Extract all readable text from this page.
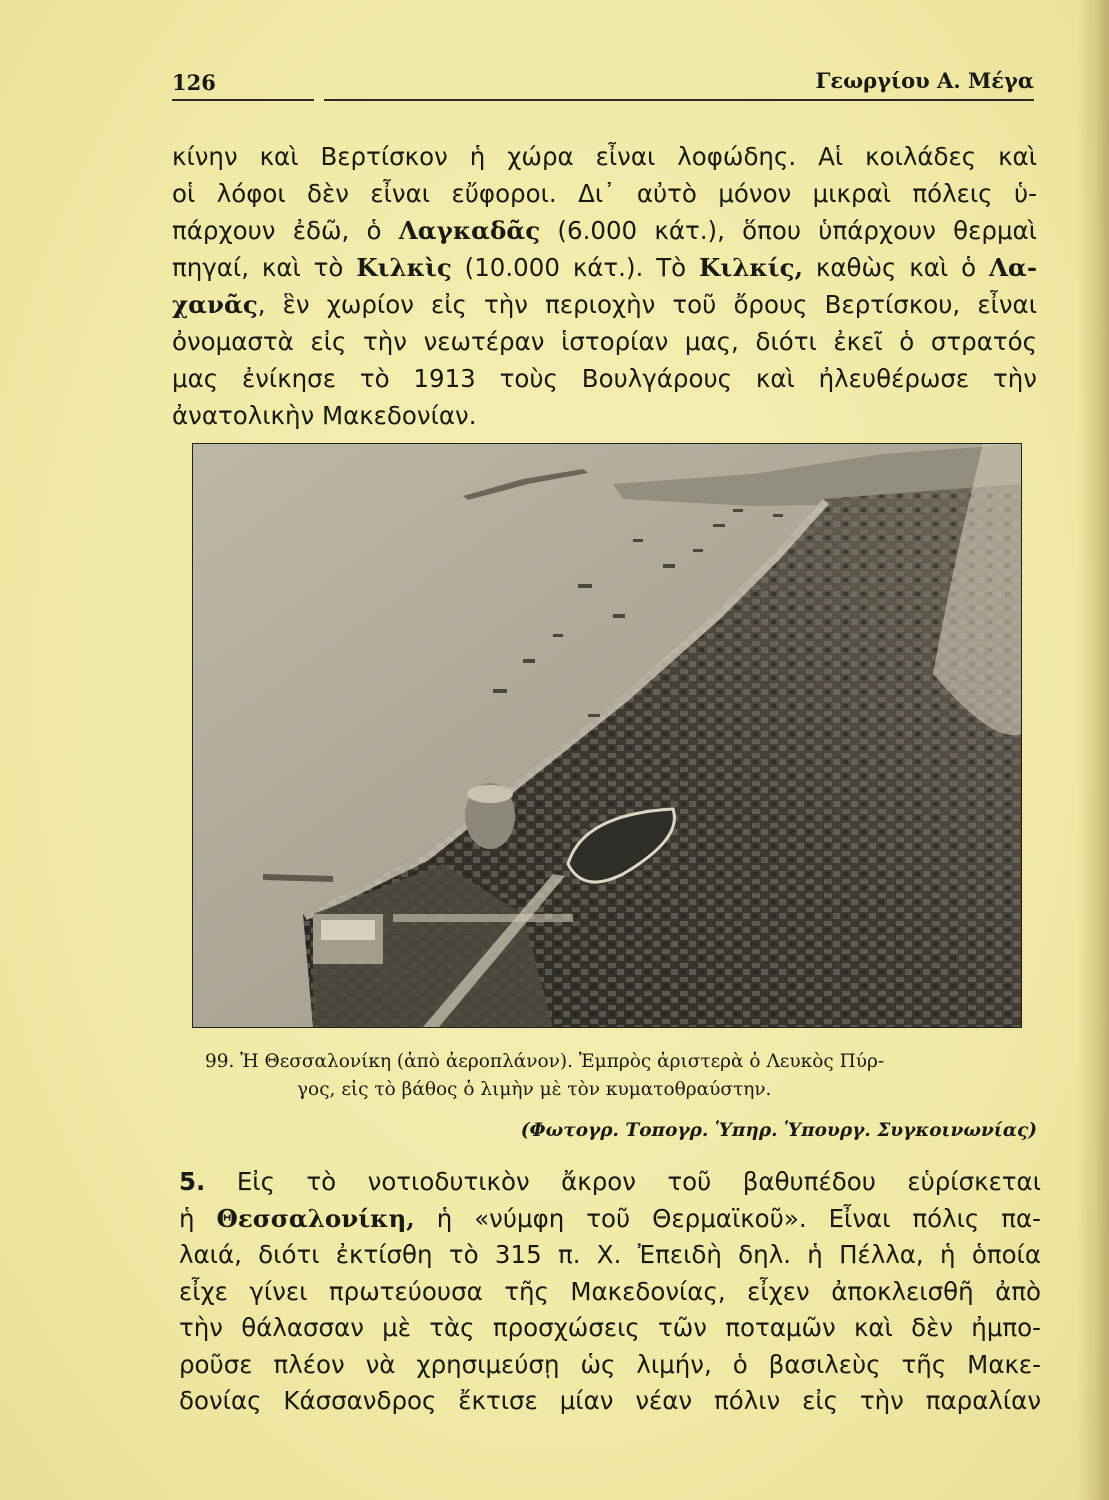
126	Γεωργίου Α. Μέγα
κίνην καὶ Βερτίσκον ἡ χώρα εἶναι λοφώδης. Αἱ κοιλάδες καὶ
οἱ λόφοι δὲν εἶναι εὔφοροι. Δι᾿ αὐτὸ μόνον μικραὶ πόλεις ὑ-
πάρχουν ἐδῶ, ὁ Λαγκαδᾶς (6.000 κάτ.), ὅπου ὑπάρχουν θερμαὶ
πηγαί, καὶ τὸ Κιλκὶς (10.000 κάτ.). Τὸ Κιλκίς, καθὼς καὶ ὁ Λα-
χανᾶς, ἓν χωρίον εἰς τὴν περιοχὴν τοῦ ὄρους Βερτίσκου, εἶναι
ὀνομαστὰ εἰς τὴν νεωτέραν ἱστορίαν μας, διότι ἐκεῖ ὁ στρατός
μας ἐνίκησε τὸ 1913 τοὺς Βουλγάρους καὶ ἠλευθέρωσε τὴν
ἀνατολικὴν Μακεδονίαν.
99. Ἡ Θεσσαλονίκη (ἀπὸ ἀεροπλάνον). Ἐμπρὸς ἀριστερὰ ὁ Λευκὸς Πύρ-
γος, εἰς τὸ βάθος ὁ λιμὴν μὲ τὸν κυματοθραύστην.
(Φωτογρ. Τοπογρ. Ὑπηρ. Ὑπουργ. Συγκοινωνίας)
5. Εἰς τὸ νοτιοδυτικὸν ἄκρον τοῦ βαθυπέδου εὑρίσκεται
ἡ Θεσσαλονίκη, ἡ «νύμφη τοῦ Θερμαϊκοῦ». Εἶναι πόλις πα-
λαιά, διότι ἐκτίσθη τὸ 315 π. Χ. Ἐπειδὴ δηλ. ἡ Πέλλα, ἡ ὁποία
εἶχε γίνει πρωτεύουσα τῆς Μακεδονίας, εἶχεν ἀποκλεισθῆ ἀπὸ
τὴν θάλασσαν μὲ τὰς προσχώσεις τῶν ποταμῶν καὶ δὲν ἠμπο-
ροῦσε πλέον νὰ χρησιμεύσῃ ὡς λιμήν, ὁ βασιλεὺς τῆς Μακε-
δονίας Κάσσανδρος ἔκτισε μίαν νέαν πόλιν εἰς τὴν παραλίαν
